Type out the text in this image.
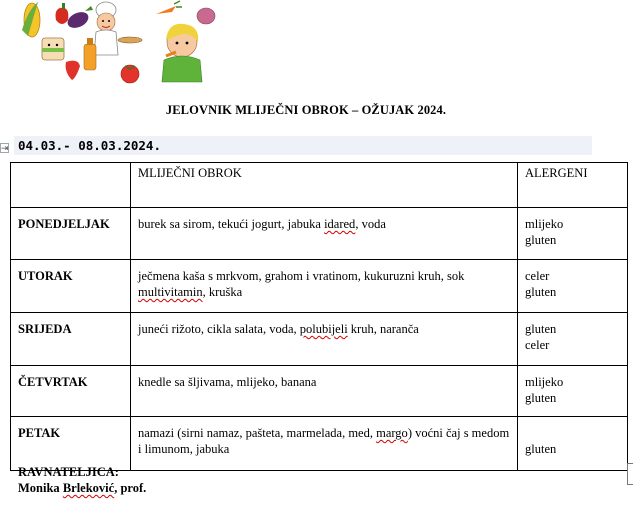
JELOVNIK MLIJEČNI OBROK – OŽUJAK 2024.
⇥ 04.03.- 08.03.2024.
	MLIJEČNI OBROK	ALERGENI

PONEDJELJAK	burek sa sirom, tekući jogurt, jabuka idared, voda	mlijeko
gluten

UTORAK	ječmena kaša s mrkvom, grahom i vratinom, kukuruzni kruh, sok multivitamin, kruška	celer
gluten

SRIJEDA	juneći rižoto, cikla salata, voda, polubijeli kruh, naranča	gluten
celer

ČETVRTAK	knedle sa šljivama, mlijeko, banana	mlijeko
gluten

PETAK	namazi (sirni namaz, pašteta, marmelada, med, margo) voćni čaj s medom i limunom, jabuka	gluten
RAVNATELJICA:
Monika Brleković, prof.
